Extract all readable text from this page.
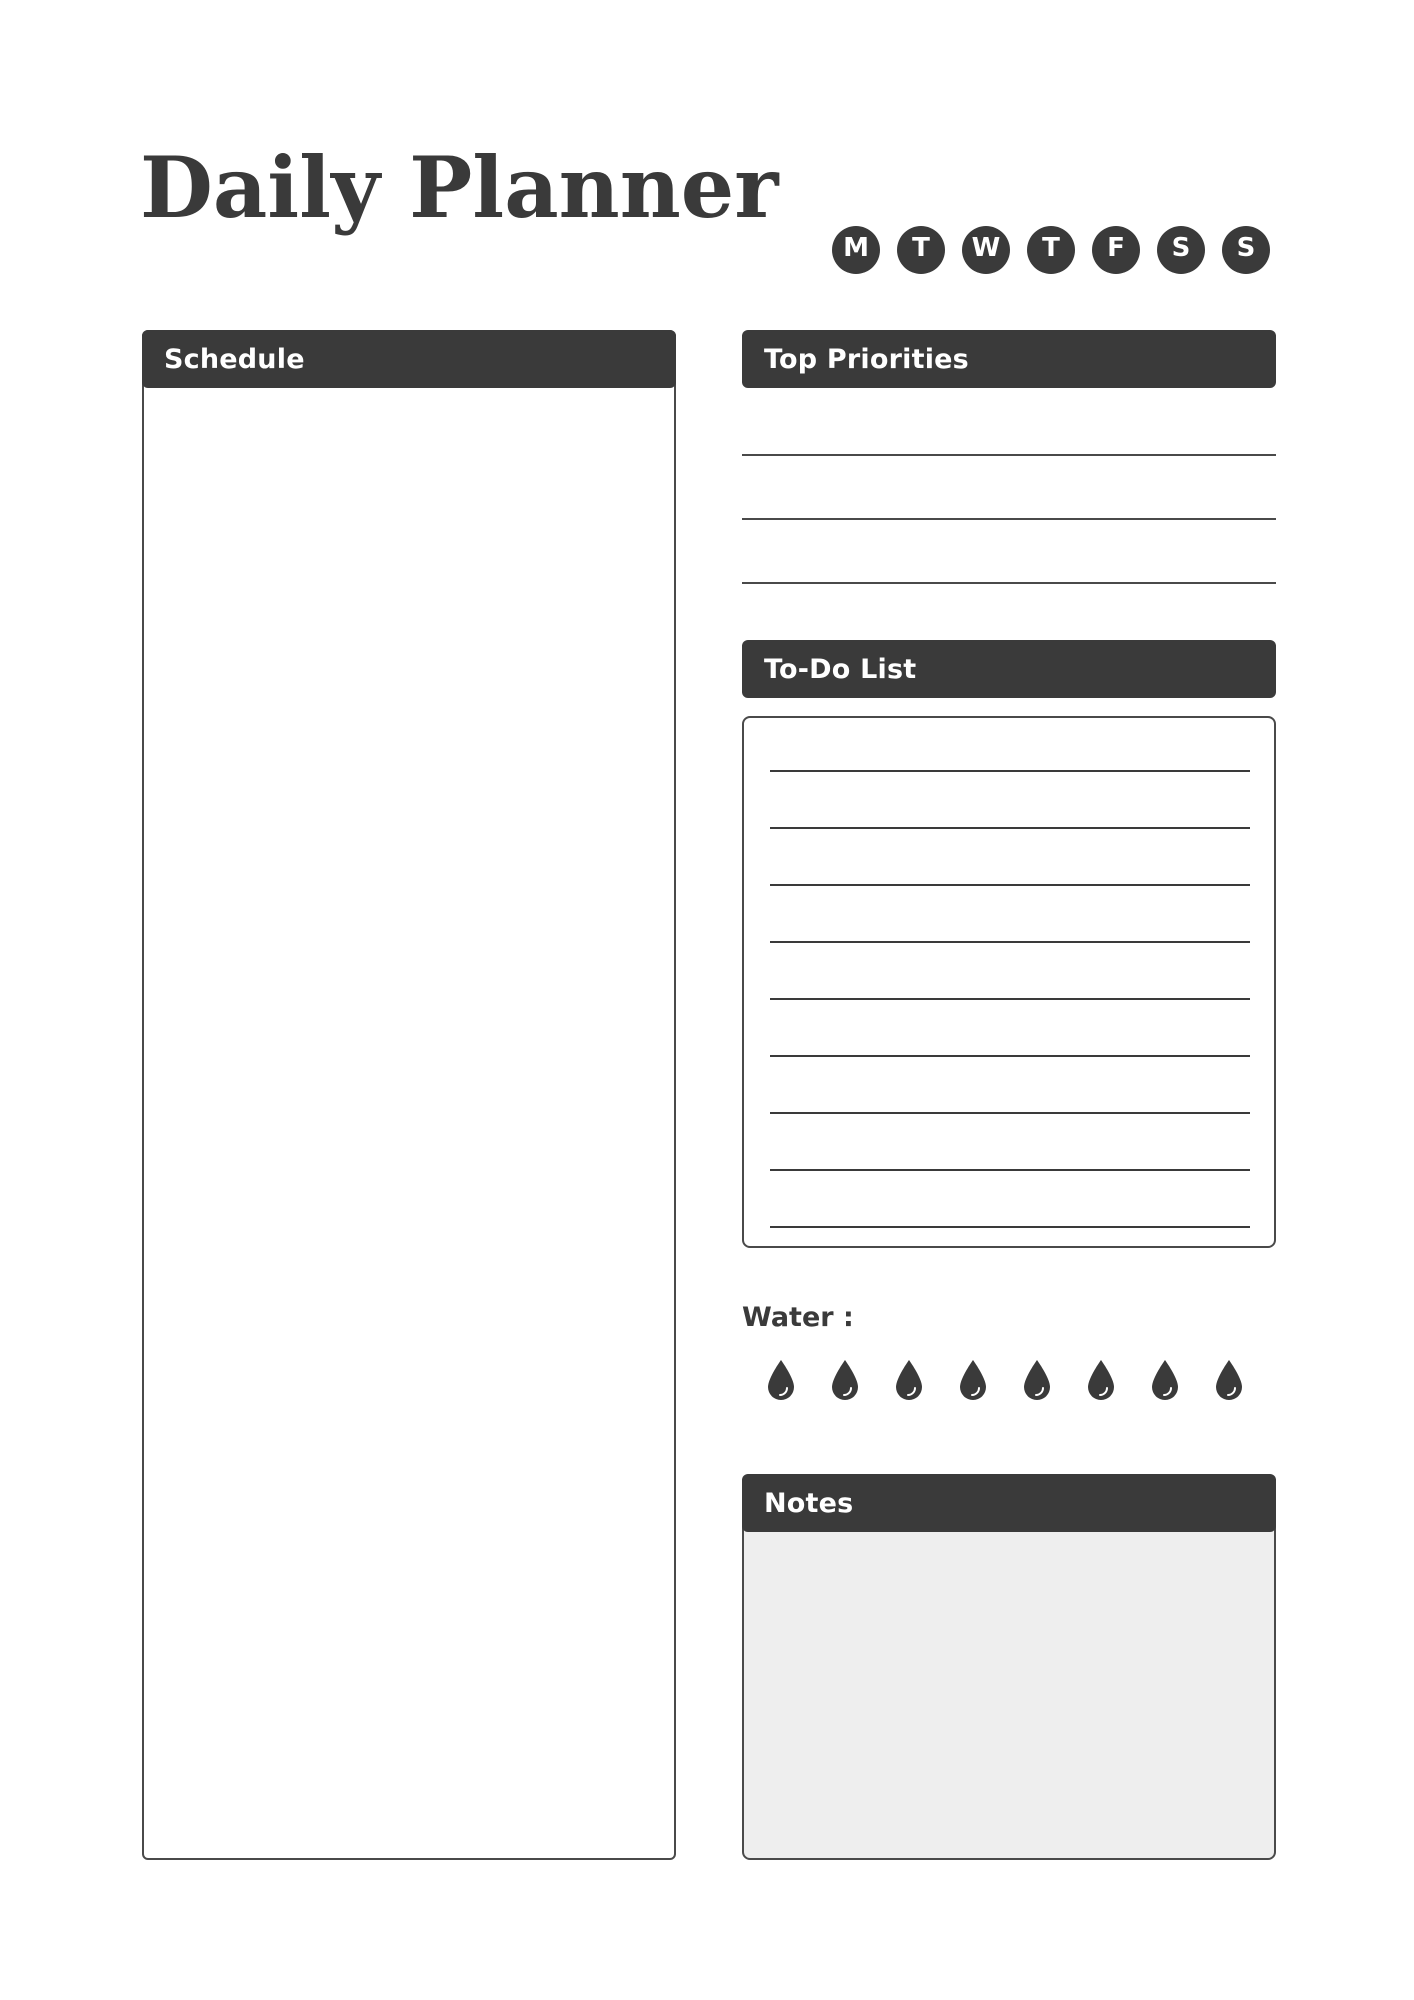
Daily Planner
M	T	W	T	F	S	S
Schedule	Top Priorities
To-Do List
Water :
Notes
